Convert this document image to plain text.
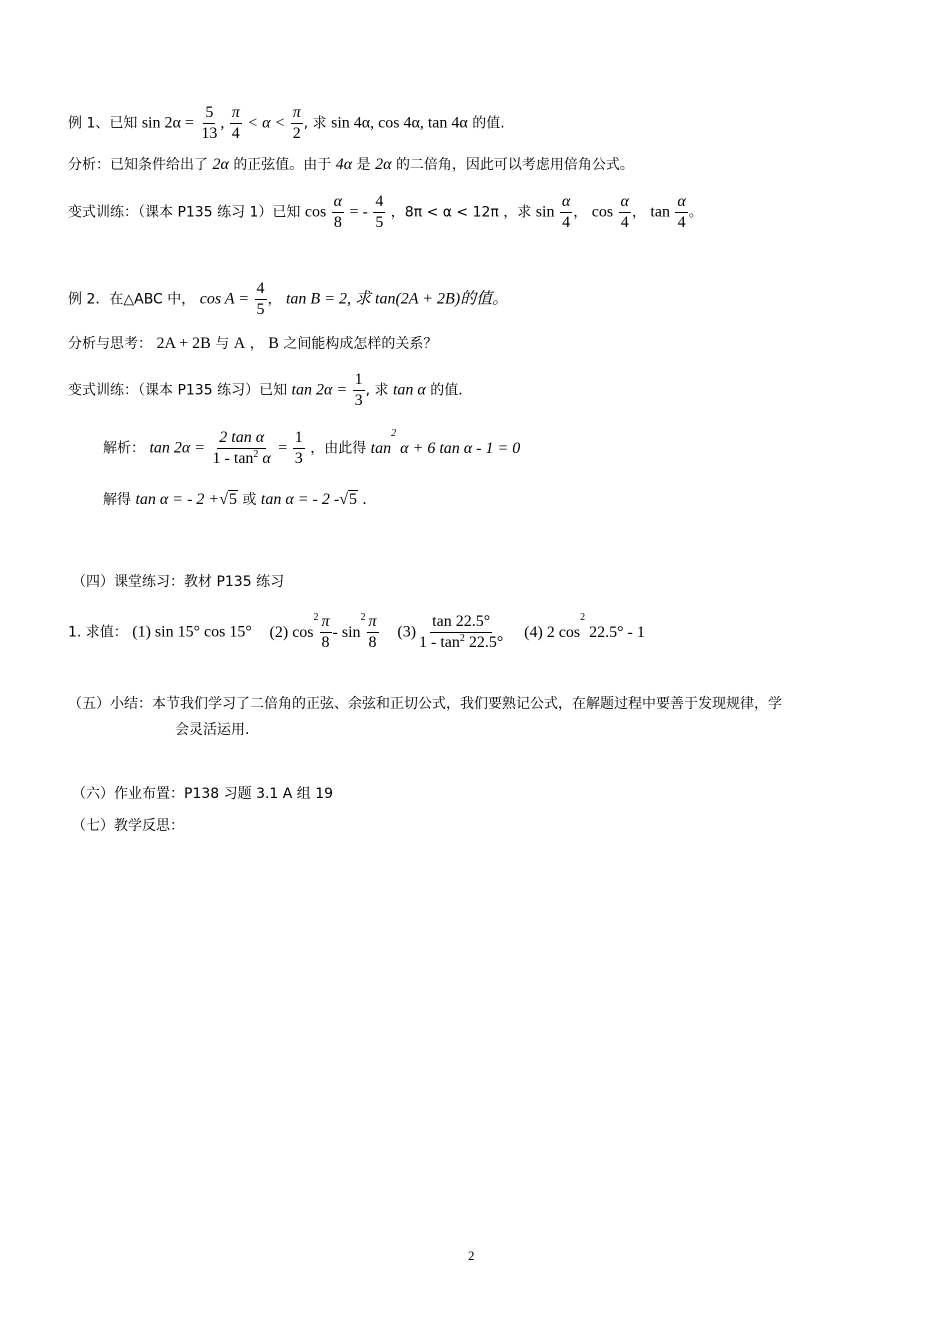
例 1、已知 $\sin 2\alpha = \frac{5}{13}$ , $\frac{\pi}{4} < \alpha < \frac{\pi}{2}$ , 求 sin 4α, cos 4α, tan 4α 的值.
分析：已知条件给出了 2α 的正弦值。由于 4α 是 2α 的二倍角，因此可以考虑用倍角公式。
变式训练：（课本 P135 练习 1）已知 $\cos \frac{\alpha}{8}$ = - $\frac{4}{5}$ ，8π < α < 12π ，求 $\sin \frac{\alpha}{4}$ ， $\cos \frac{\alpha}{4}$ ， $\tan \frac{\alpha}{4}$ 。
例 2．在△ABC 中， $\cos A = \frac{4}{5}$ ， tan B = 2, 求 tan(2A + 2B)的值。
分析与思考： 2A + 2B 与 A ， B 之间能构成怎样的关系？
变式训练：（课本 P135 练习）已知 $\tan 2\alpha = \frac{1}{3}$ , 求 tan α 的值.
解析： $\tan 2\alpha = \frac{\text{2 tan α}}{1 - \tan^2 \alpha} = \frac{1}{3}$ ，由此得 $\tan^2 \alpha + 6$ tan α - 1 = 0
解得 tan α = - 2 +√5 或 tan α = - 2 -√5 .
（四）课堂练习：教材 P135 练习
1. 求值： (1) sin 15° cos 15° (2) $\cos^2 \frac{\pi}{8} - \sin^2 \frac{\pi}{8} (3) \frac{\tan 22.5^\circ}{1 - \tan^2 22.5^\circ} (4)$ 2 $\cos^2 22.5^\circ - 1$
（五）小结：本节我们学习了二倍角的正弦、余弦和正切公式，我们要熟记公式，在解题过程中要善于发现规律，学
会灵活运用.
（六）作业布置：P138 习题 3.1 A 组 19
（七）教学反思：
2
